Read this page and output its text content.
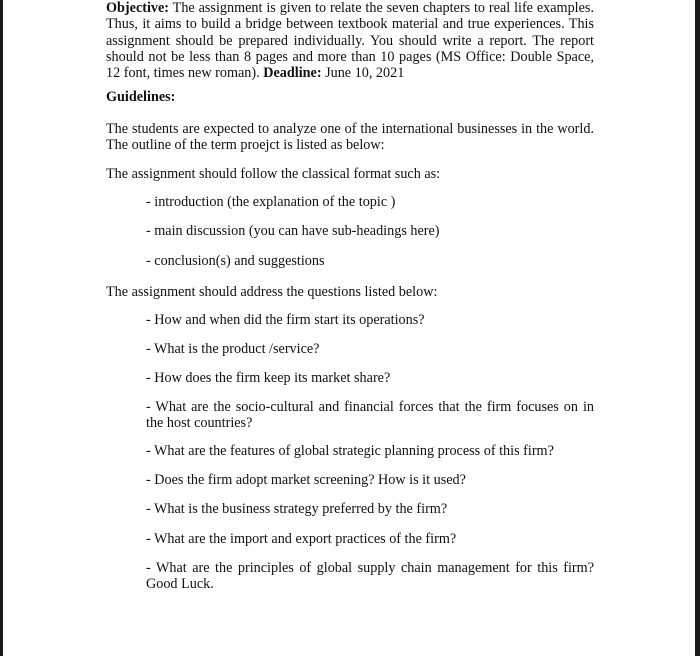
Objective: The assignment is given to relate the seven chapters to real life examples. Thus, it aims to build a bridge between textbook material and true experiences. This assignment should be prepared individually. You should write a report. The report should not be less than 8 pages and more than 10 pages (MS Office: Double Space, 12 font, times new roman). Deadline: June 10, 2021

Guidelines:

The students are expected to analyze one of the international businesses in the world. The outline of the term proejct is listed as below:

The assignment should follow the classical format such as:

- introduction (the explanation of the topic )

- main discussion (you can have sub-headings here)

- conclusion(s) and suggestions

The assignment should address the questions listed below:

- How and when did the firm start its operations?

- What is the product /service?

- How does the firm keep its market share?

- What are the socio-cultural and financial forces that the firm focuses on in the host countries?

- What are the features of global strategic planning process of this firm?

- Does the firm adopt market screening? How is it used?

- What is the business strategy preferred by the firm?

- What are the import and export practices of the firm?

- What are the principles of global supply chain management for this firm? Good Luck.
